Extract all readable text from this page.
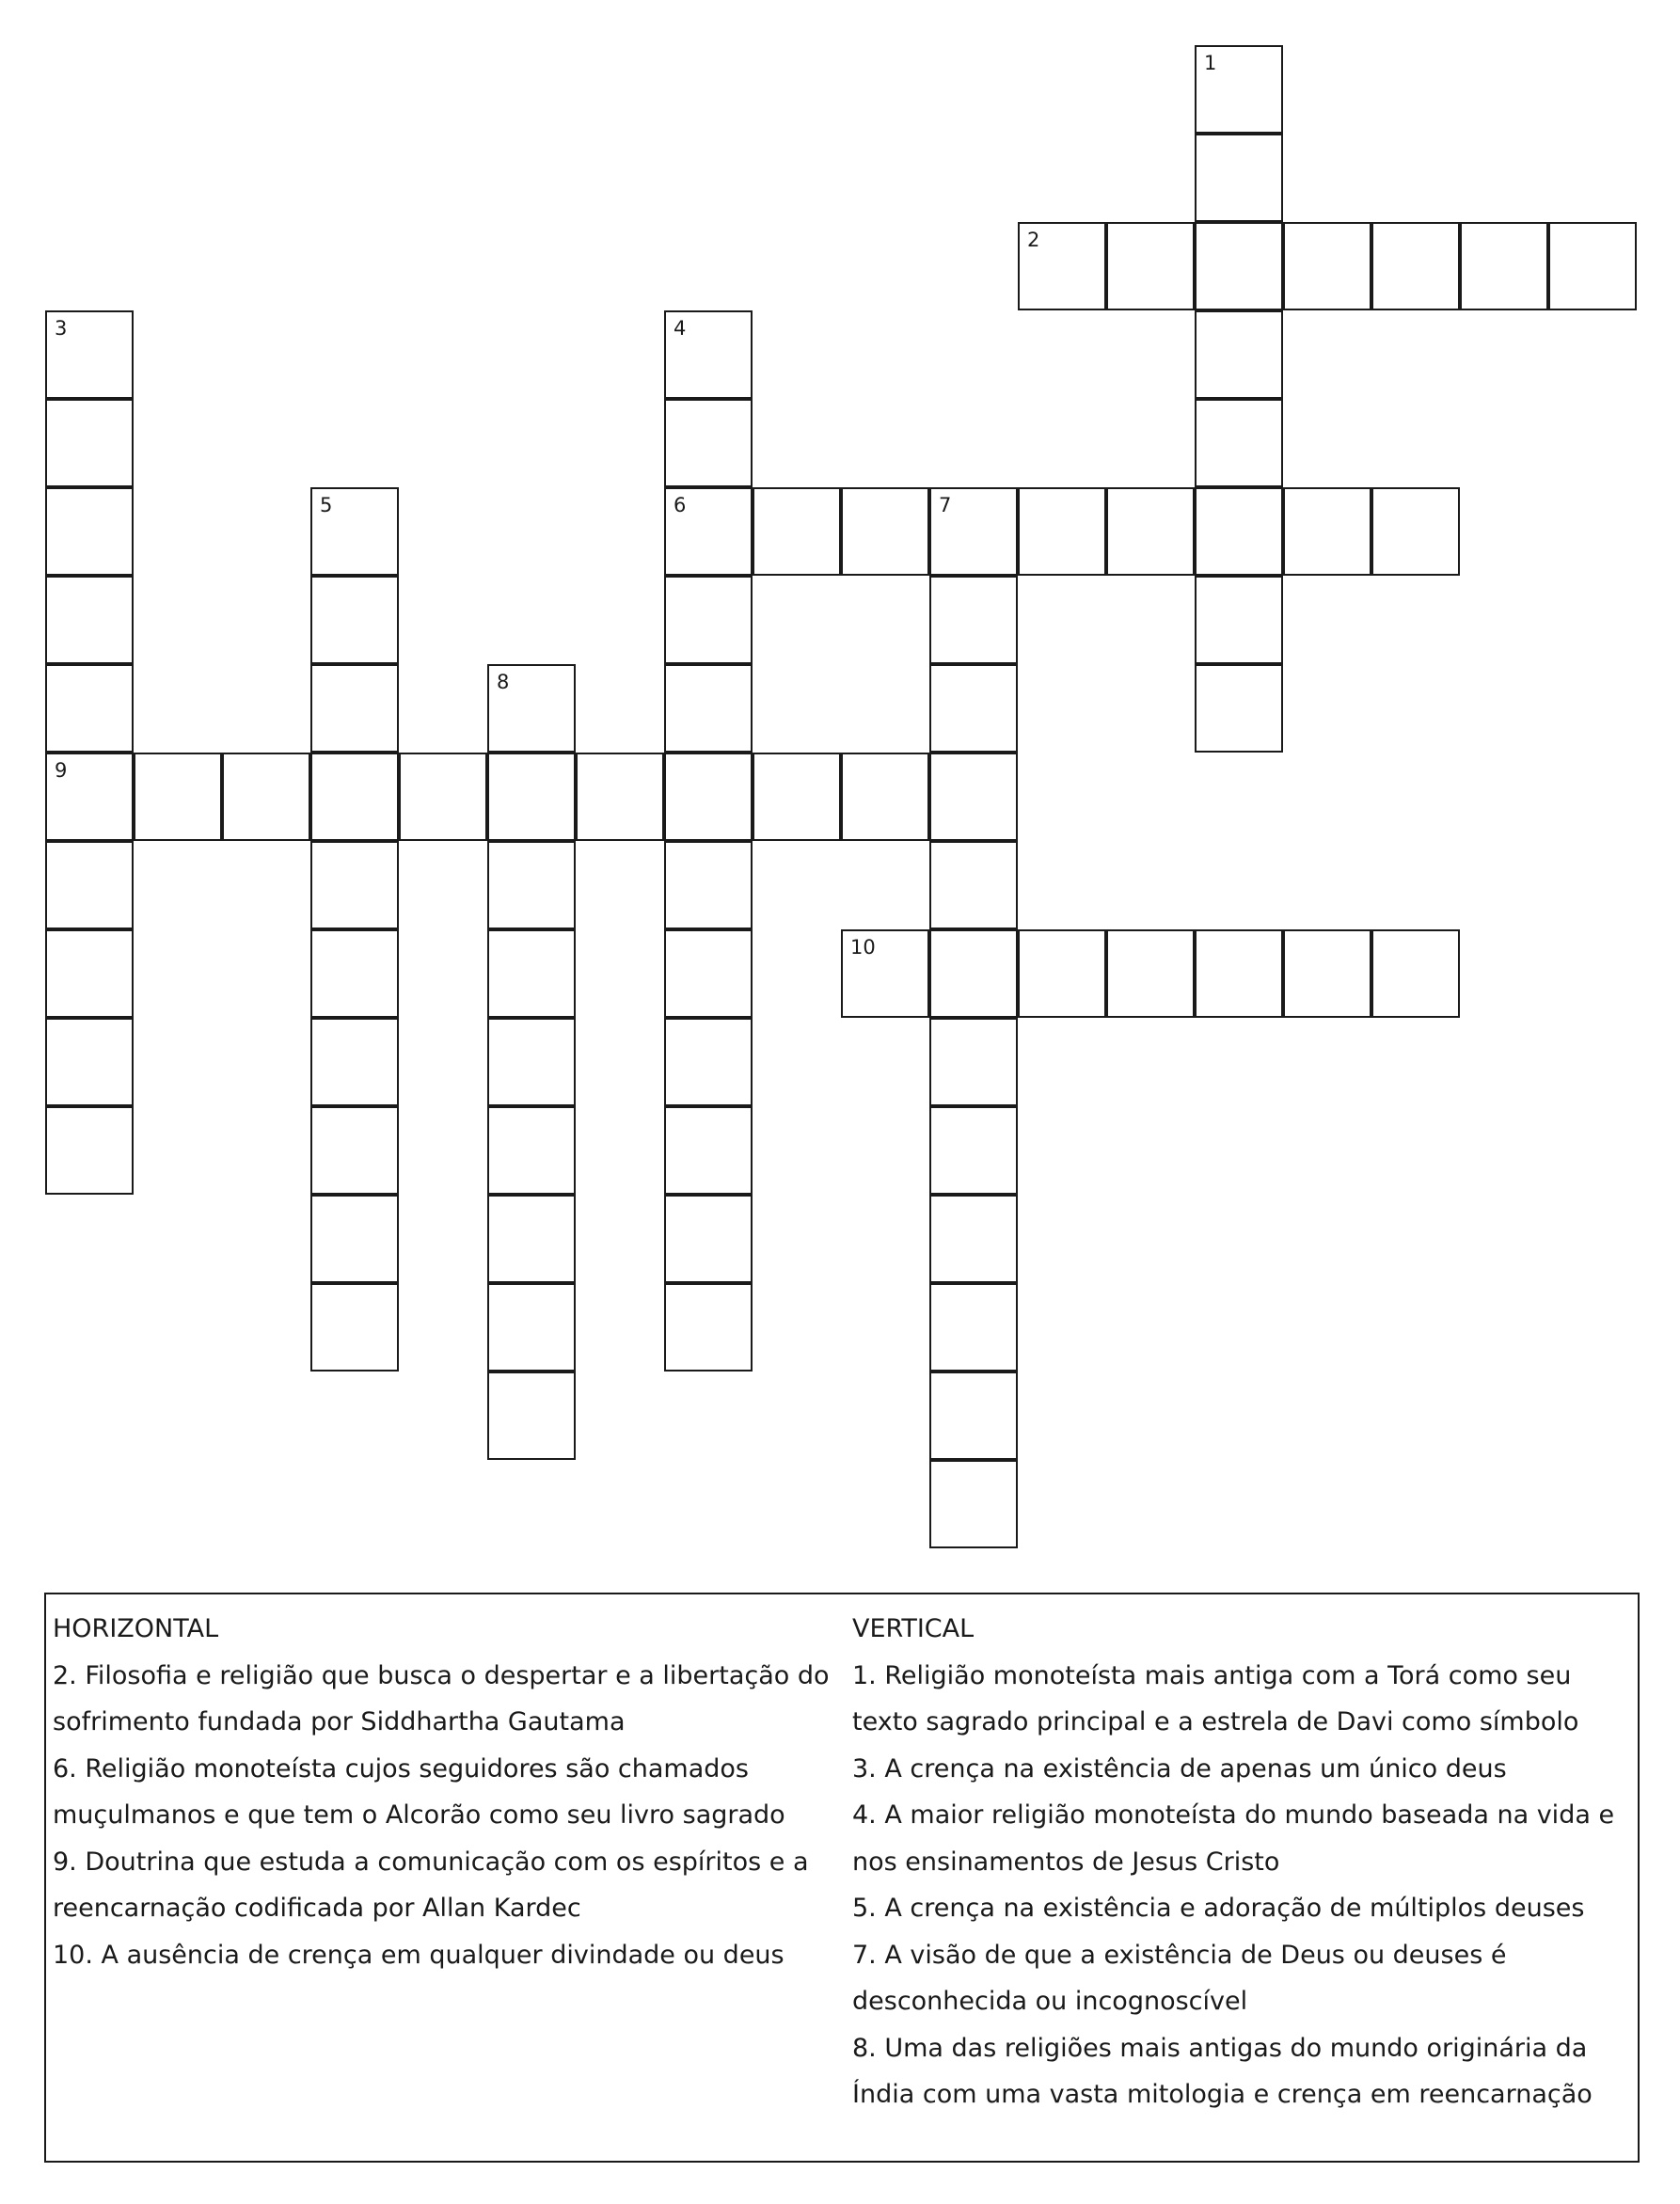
1
2
3
9
4
6
5	7
8
10

HORIZONTAL

2. Filosofia e religião que busca o despertar e a libertação do sofrimento fundada por Siddhartha Gautama

6. Religião monoteísta cujos seguidores são chamados muçulmanos e que tem o Alcorão como seu livro sagrado

9. Doutrina que estuda a comunicação com os espíritos e a reencarnação codificada por Allan Kardec

10. A ausência de crença em qualquer divindade ou deus

VERTICAL

1. Religião monoteísta mais antiga com a Torá como seu texto sagrado principal e a estrela de Davi como símbolo

3. A crença na existência de apenas um único deus

4. A maior religião monoteísta do mundo baseada na vida e nos ensinamentos de Jesus Cristo

5. A crença na existência e adoração de múltiplos deuses

7. A visão de que a existência de Deus ou deuses é desconhecida ou incognoscível

8. Uma das religiões mais antigas do mundo originária da Índia com uma vasta mitologia e crença em reencarnação
